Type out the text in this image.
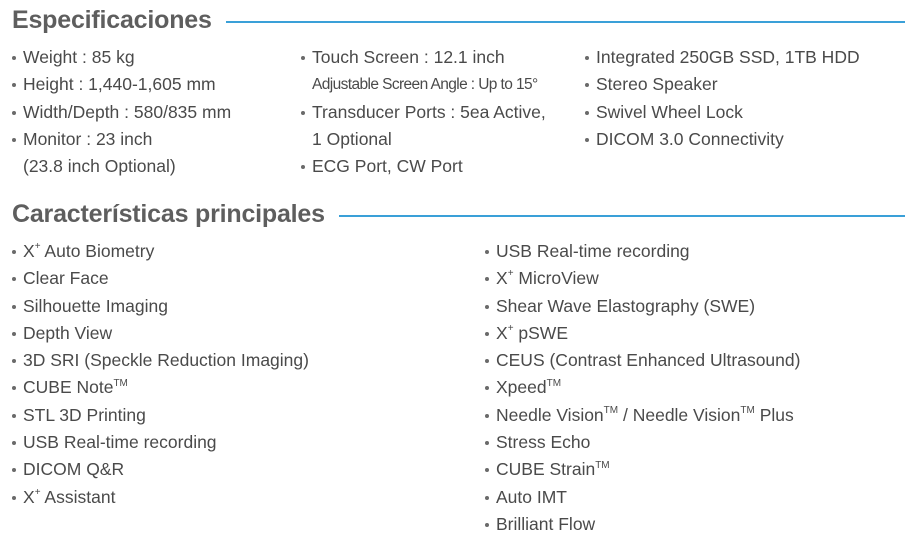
Especificaciones
Weight : 85 kg
Height : 1,440-1,605 mm
Width/Depth : 580/835 mm
Monitor : 23 inch
(23.8 inch Optional)
Touch Screen : 12.1 inch
Adjustable Screen Angle : Up to 15°
Transducer Ports : 5ea Active,
1 Optional
ECG Port, CW Port
Integrated 250GB SSD, 1TB HDD
Stereo Speaker
Swivel Wheel Lock
DICOM 3.0 Connectivity
Características principales
X+ Auto Biometry
Clear Face
Silhouette Imaging
Depth View
3D SRI (Speckle Reduction Imaging)
CUBE Note™
STL 3D Printing
USB Real-time recording
DICOM Q&R
X+ Assistant
USB Real-time recording
X+ MicroView
Shear Wave Elastography (SWE)
X+ pSWE
CEUS (Contrast Enhanced Ultrasound)
Xpeed™
Needle Vision™ / Needle Vision™ Plus
Stress Echo
CUBE Strain™
Auto IMT
Brilliant Flow
